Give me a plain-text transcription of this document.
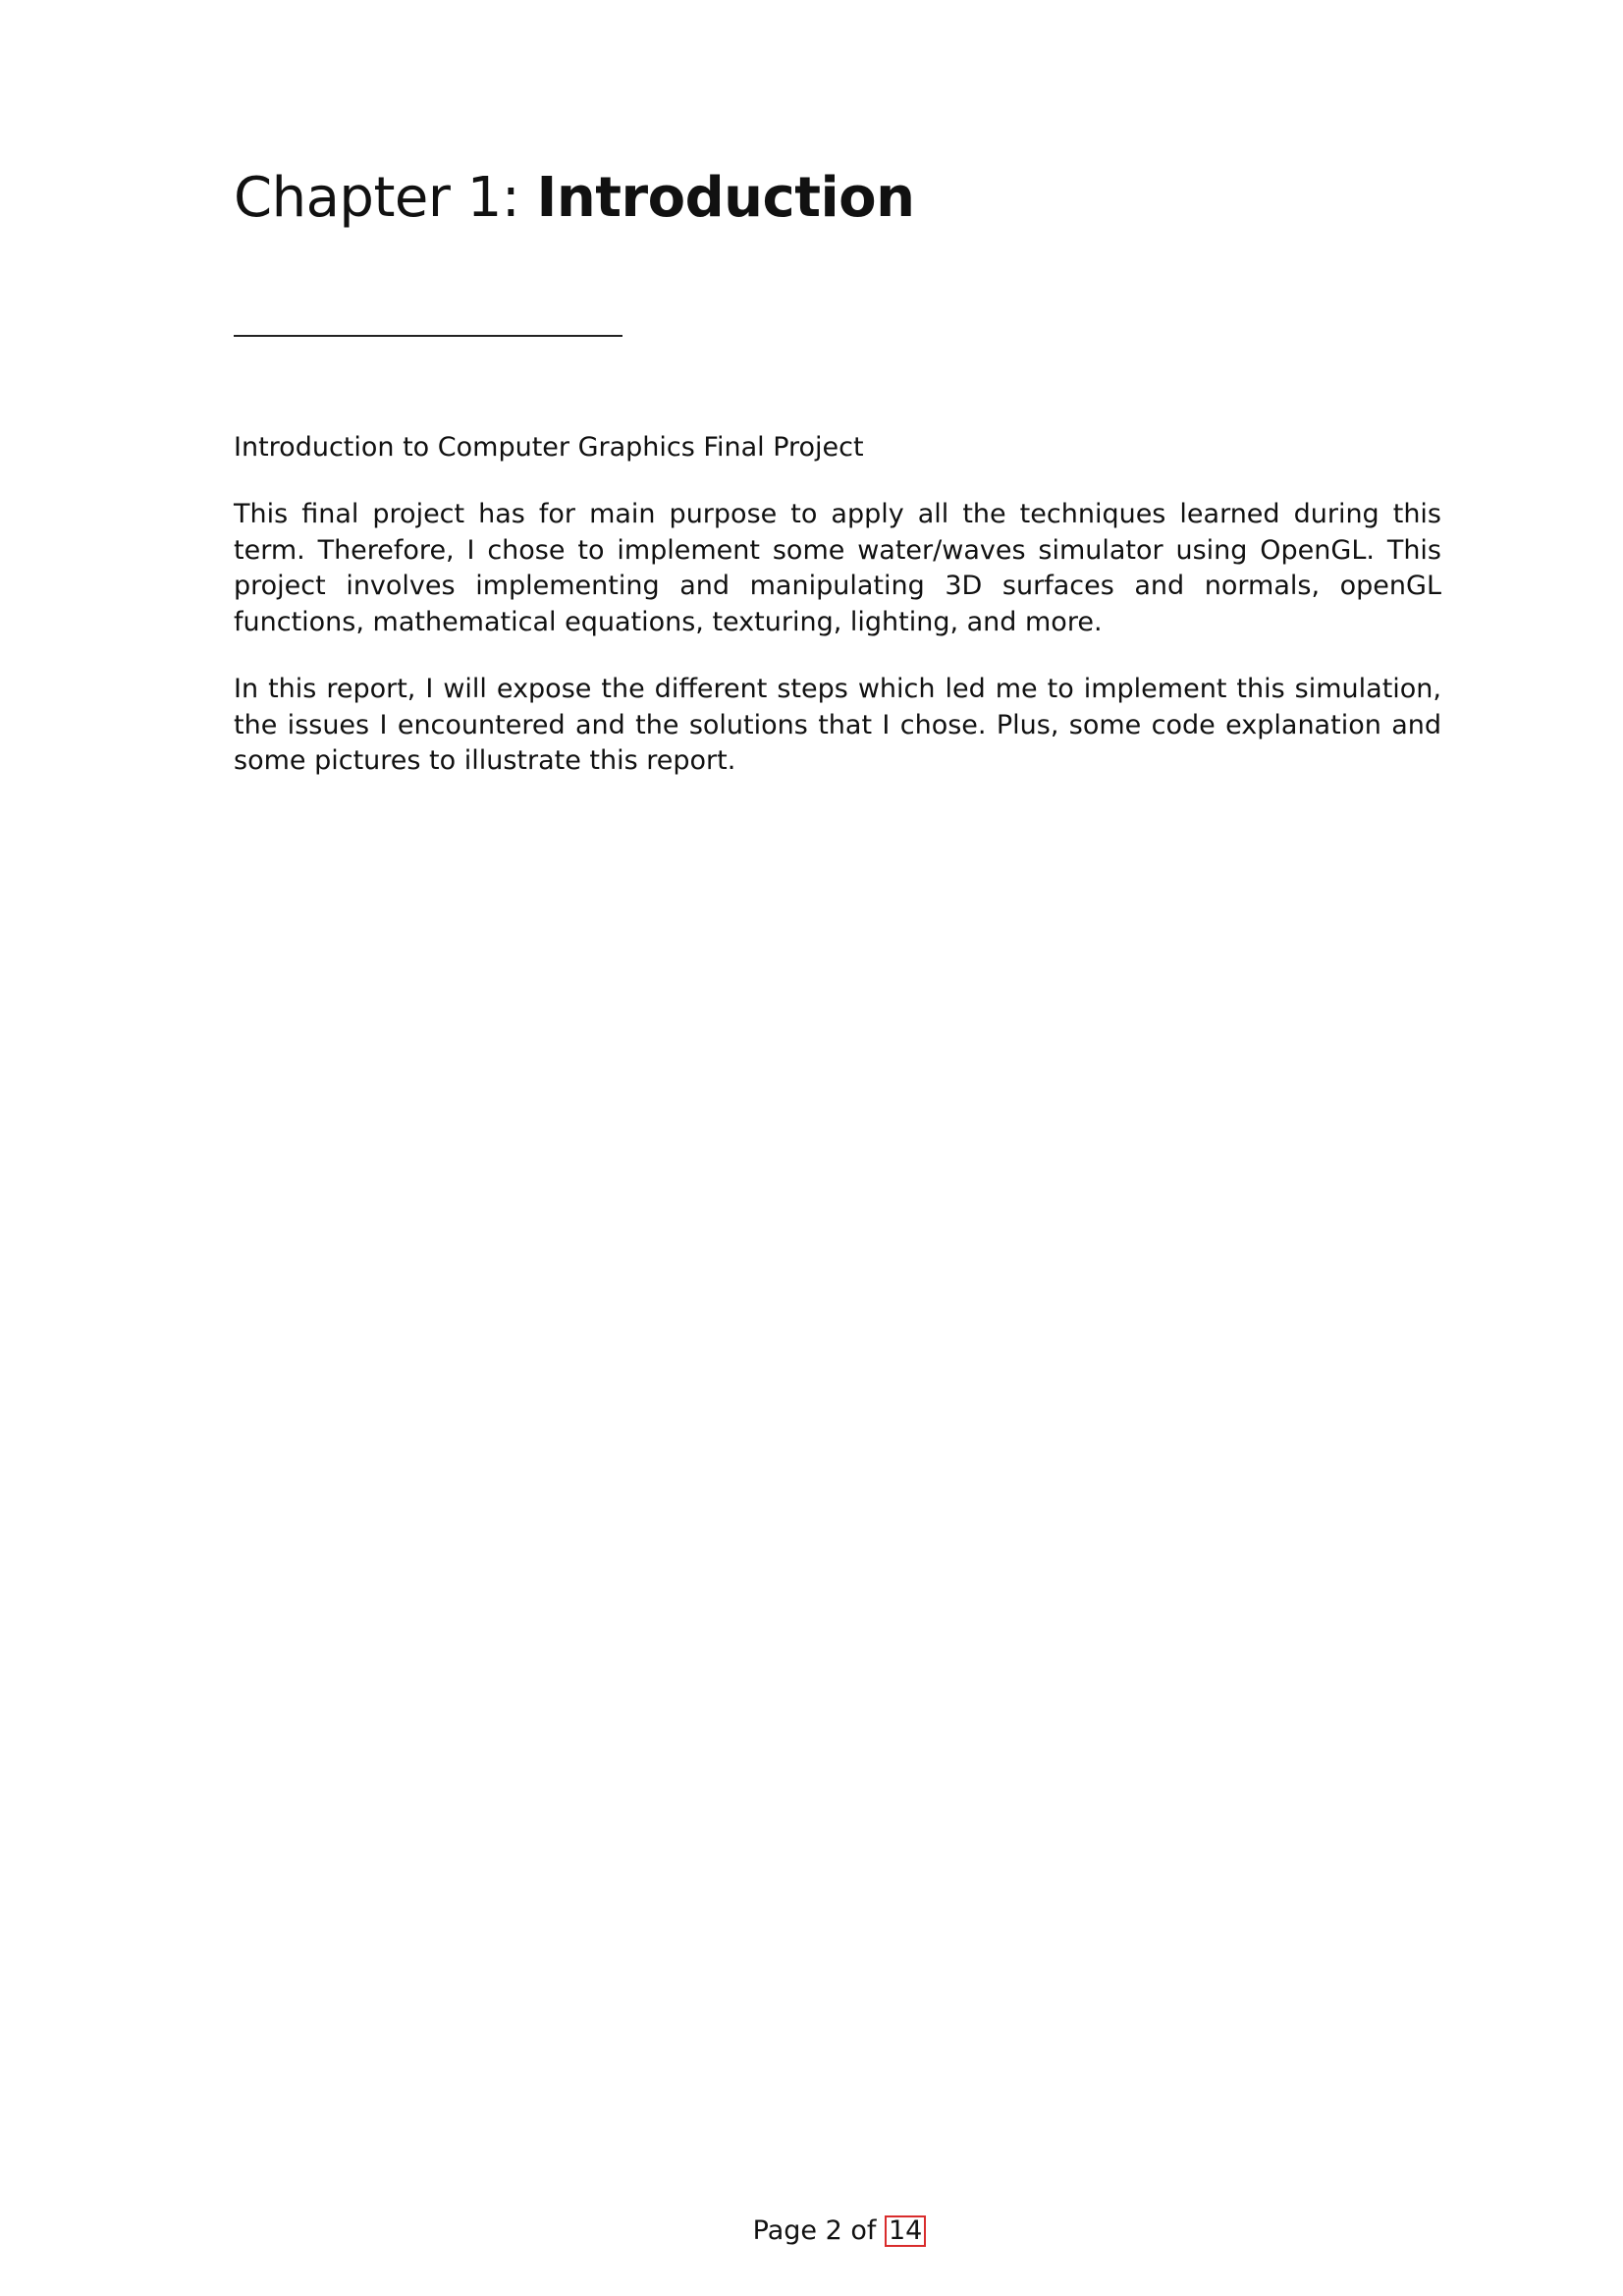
Chapter 1: Introduction

Introduction to Computer Graphics Final Project

This final project has for main purpose to apply all the techniques learned during this term. Therefore, I chose to implement some water/waves simulator using OpenGL. This project involves implementing and manipulating 3D surfaces and normals, openGL functions, mathematical equations, texturing, lighting, and more.

In this report, I will expose the different steps which led me to implement this simulation, the issues I encountered and the solutions that I chose. Plus, some code explanation and some pictures to illustrate this report.

Page 2 of 14
